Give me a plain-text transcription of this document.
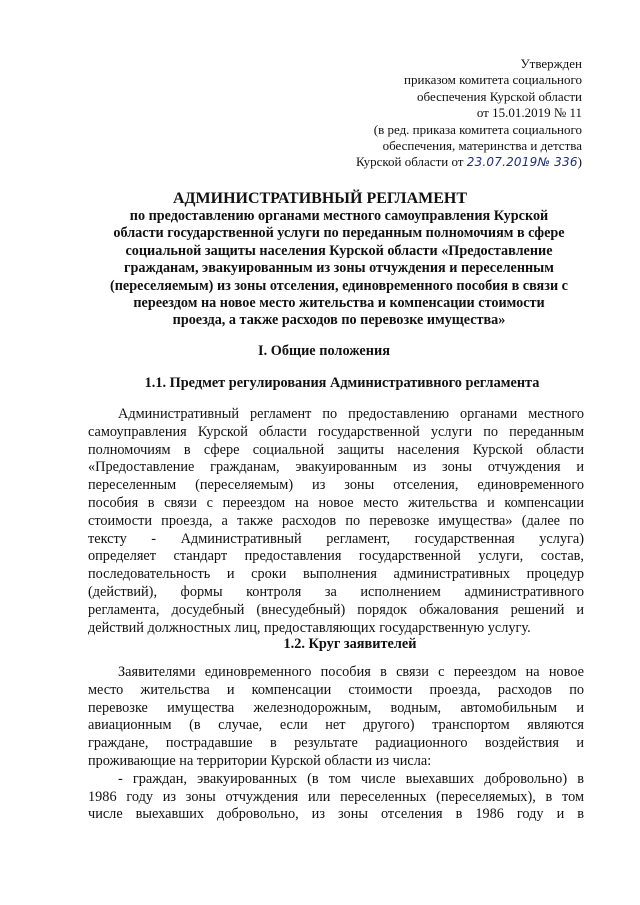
Утвержден
приказом комитета социального
обеспечения Курской области
от 15.01.2019 № 11
(в ред. приказа комитета социального
обеспечения, материнства и детства
Курской области от 23.07.2019№ 336)
АДМИНИСТРАТИВНЫЙ РЕГЛАМЕНТ
по предоставлению органами местного самоуправления Курской
области государственной услуги по переданным полномочиям в сфере
социальной защиты населения Курской области «Предоставление
гражданам, эвакуированным из зоны отчуждения и переселенным
(переселяемым) из зоны отселения, единовременного пособия в связи с
переездом на новое место жительства и компенсации стоимости
проезда, а также расходов по перевозке имущества»
I. Общие положения
1.1. Предмет регулирования Административного регламента
Административный регламент по предоставлению органами местного
самоуправления Курской области государственной услуги по переданным
полномочиям в сфере социальной защиты населения Курской области
«Предоставление гражданам, эвакуированным из зоны отчуждения и
переселенным (переселяемым) из зоны отселения, единовременного
пособия в связи с переездом на новое место жительства и компенсации
стоимости проезда, а также расходов по перевозке имущества» (далее по
тексту - Административный регламент, государственная услуга)
определяет стандарт предоставления государственной услуги, состав,
последовательность и сроки выполнения административных процедур
(действий), формы контроля за исполнением административного
регламента, досудебный (внесудебный) порядок обжалования решений и
действий должностных лиц, предоставляющих государственную услугу.
1.2. Круг заявителей
Заявителями единовременного пособия в связи с переездом на новое
место жительства и компенсации стоимости проезда, расходов по
перевозке имущества железнодорожным, водным, автомобильным и
авиационным (в случае, если нет другого) транспортом являются
граждане, пострадавшие в результате радиационного воздействия и
проживающие на территории Курской области из числа:
- граждан, эвакуированных (в том числе выехавших добровольно) в
1986 году из зоны отчуждения или переселенных (переселяемых), в том
числе выехавших добровольно, из зоны отселения в 1986 году и в
